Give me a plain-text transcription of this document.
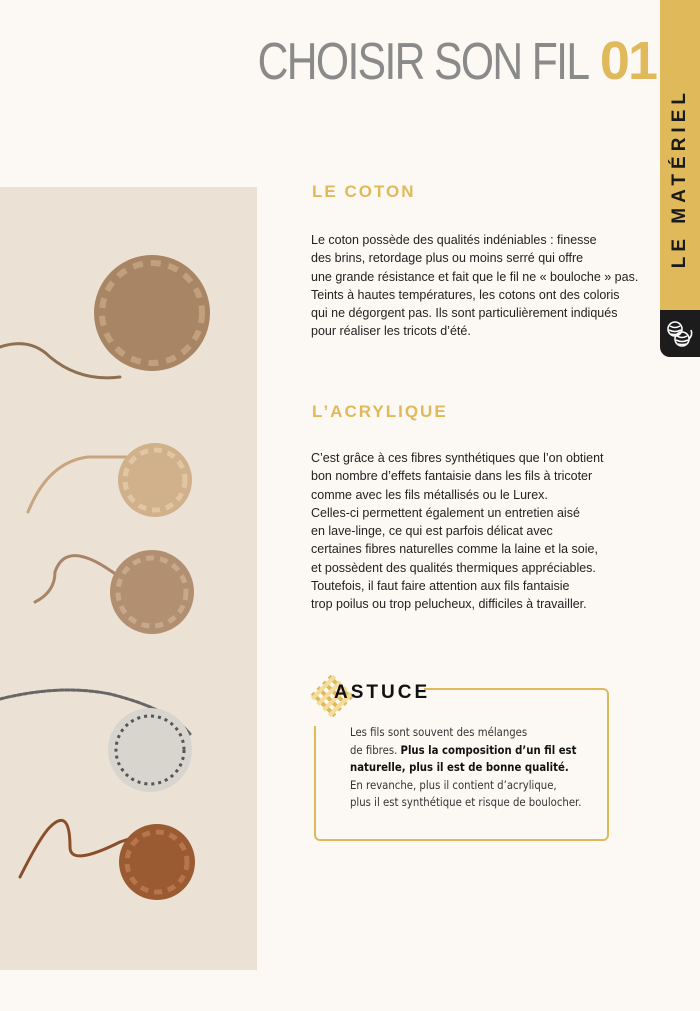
CHOISIR SON FIL 01
LE MATÉRIEL
LE COTON
Le coton possède des qualités indéniables : finesse
des brins, retordage plus ou moins serré qui offre
une grande résistance et fait que le fil ne « bouloche » pas.
Teints à hautes températures, les cotons ont des coloris
qui ne dégorgent pas. Ils sont particulièrement indiqués
pour réaliser les tricots d’été.
L’ACRYLIQUE
C’est grâce à ces fibres synthétiques que l’on obtient
bon nombre d’effets fantaisie dans les fils à tricoter
comme avec les fils métallisés ou le Lurex.
Celles-ci permettent également un entretien aisé
en lave-linge, ce qui est parfois délicat avec
certaines fibres naturelles comme la laine et la soie,
et possèdent des qualités thermiques appréciables.
Toutefois, il faut faire attention aux fils fantaisie
trop poilus ou trop pelucheux, difficiles à travailler.
ASTUCE
Les fils sont souvent des mélanges
de fibres. Plus la composition d’un fil est
naturelle, plus il est de bonne qualité.
En revanche, plus il contient d’acrylique,
plus il est synthétique et risque de boulocher.
